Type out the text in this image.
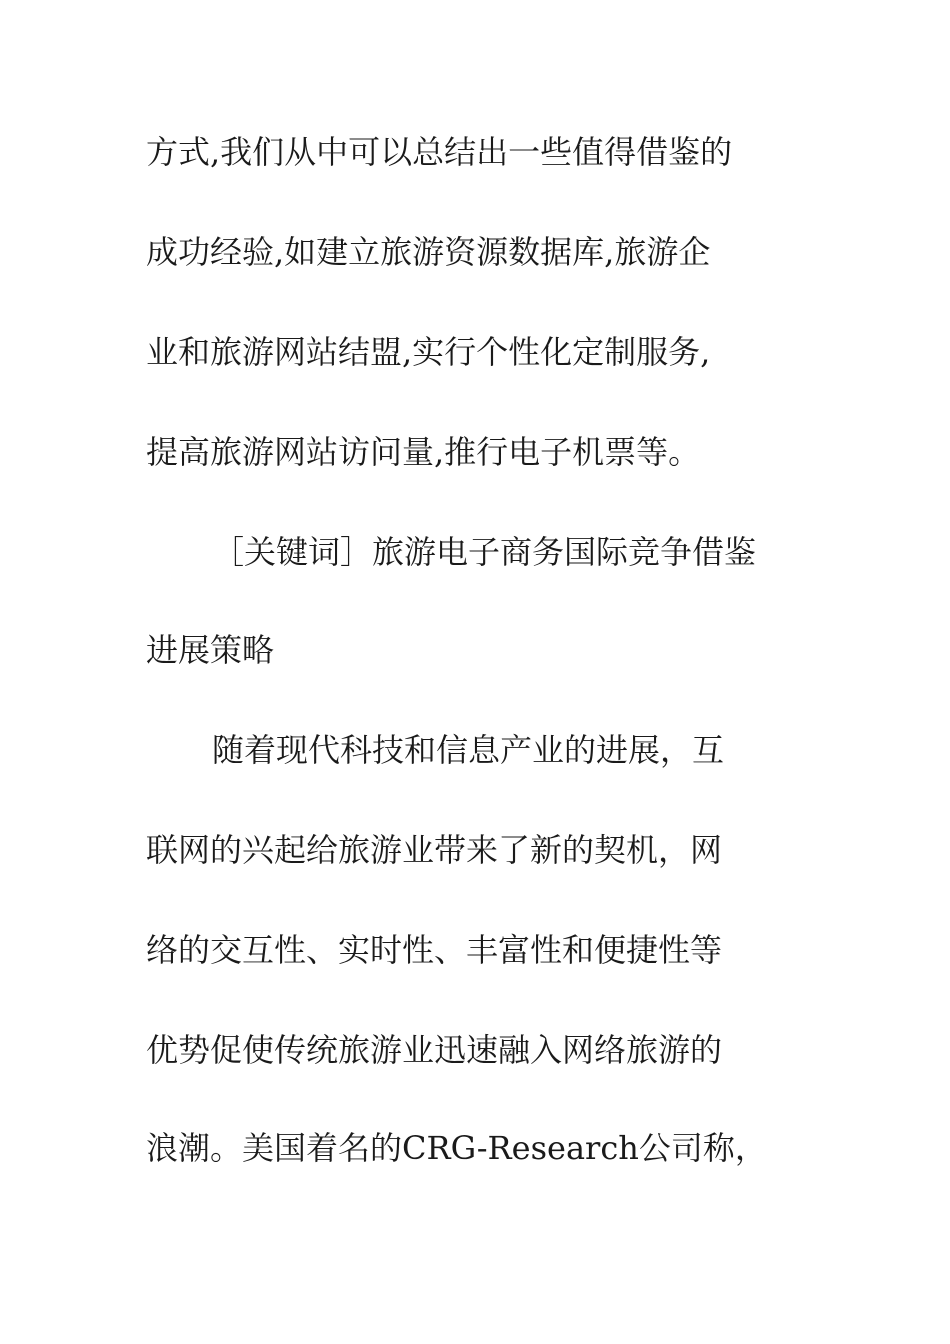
方式,我们从中可以总结出一些值得借鉴的

成功经验,如建立旅游资源数据库,旅游企

业和旅游网站结盟,实行个性化定制服务,

提高旅游网站访问量,推行电子机票等。

［关键词］旅游电子商务国际竞争借鉴

进展策略

随着现代科技和信息产业的进展，互

联网的兴起给旅游业带来了新的契机，网

络的交互性、实时性、丰富性和便捷性等

优势促使传统旅游业迅速融入网络旅游的

浪潮。美国着名的CRG-Research公司称，
